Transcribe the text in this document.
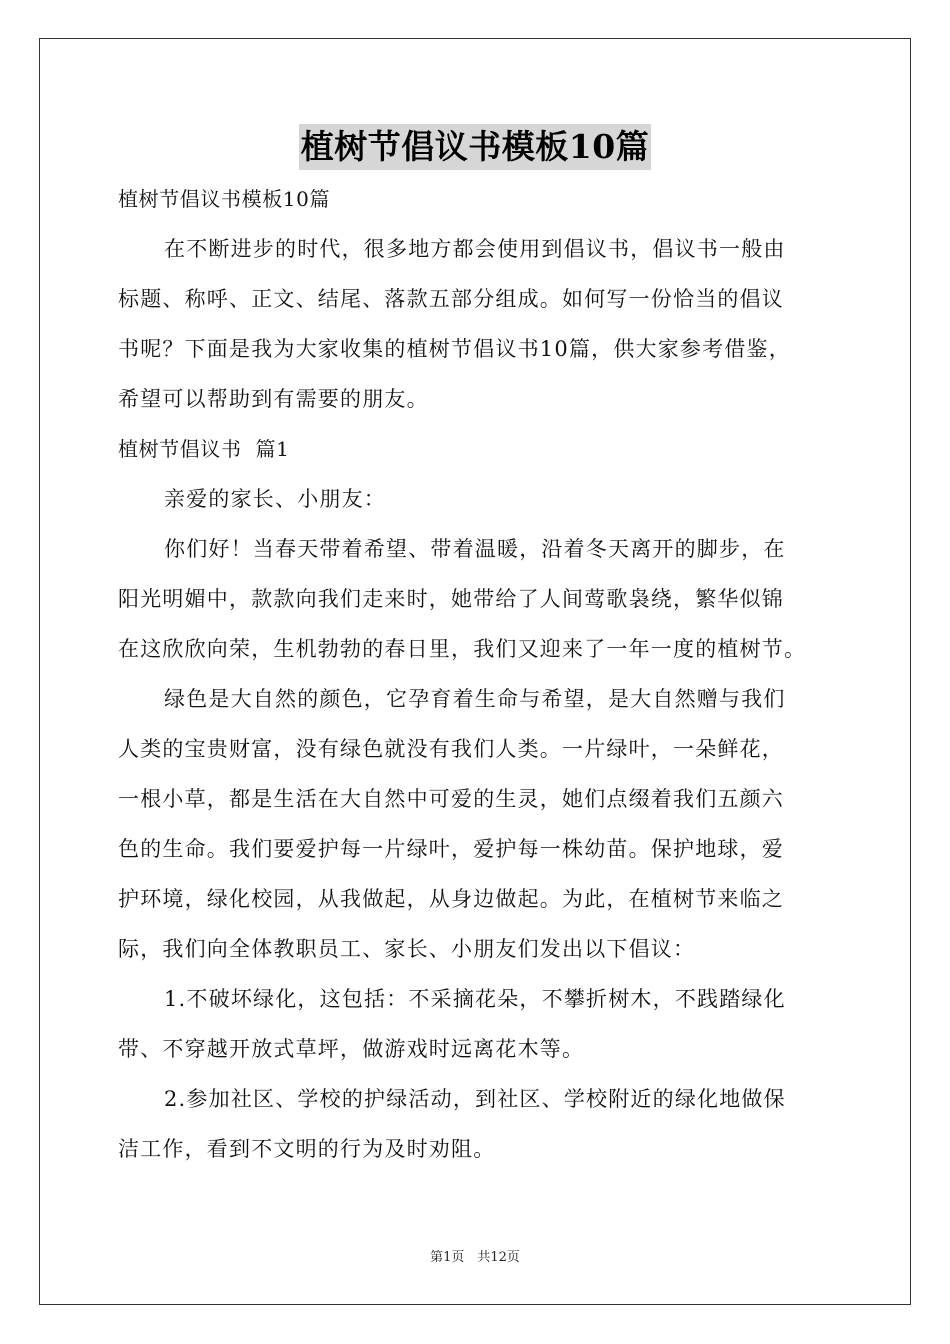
植树节倡议书模板10篇
植树节倡议书模板10篇
在不断进步的时代，很多地方都会使用到倡议书，倡议书一般由
标题、称呼、正文、结尾、落款五部分组成。如何写一份恰当的倡议
书呢？下面是我为大家收集的植树节倡议书10篇，供大家参考借鉴，
希望可以帮助到有需要的朋友。
植树节倡议书  篇1
亲爱的家长、小朋友：
你们好！当春天带着希望、带着温暖，沿着冬天离开的脚步，在
阳光明媚中，款款向我们走来时，她带给了人间莺歌袅绕，繁华似锦
在这欣欣向荣，生机勃勃的春日里，我们又迎来了一年一度的植树节。
绿色是大自然的颜色，它孕育着生命与希望，是大自然赠与我们
人类的宝贵财富，没有绿色就没有我们人类。一片绿叶，一朵鲜花，
一根小草，都是生活在大自然中可爱的生灵，她们点缀着我们五颜六
色的生命。我们要爱护每一片绿叶，爱护每一株幼苗。保护地球，爱
护环境，绿化校园，从我做起，从身边做起。为此，在植树节来临之
际，我们向全体教职员工、家长、小朋友们发出以下倡议：
1.不破坏绿化，这包括：不采摘花朵，不攀折树木，不践踏绿化
带、不穿越开放式草坪，做游戏时远离花木等。
2.参加社区、学校的护绿活动，到社区、学校附近的绿化地做保
洁工作，看到不文明的行为及时劝阻。
第1页　共12页
